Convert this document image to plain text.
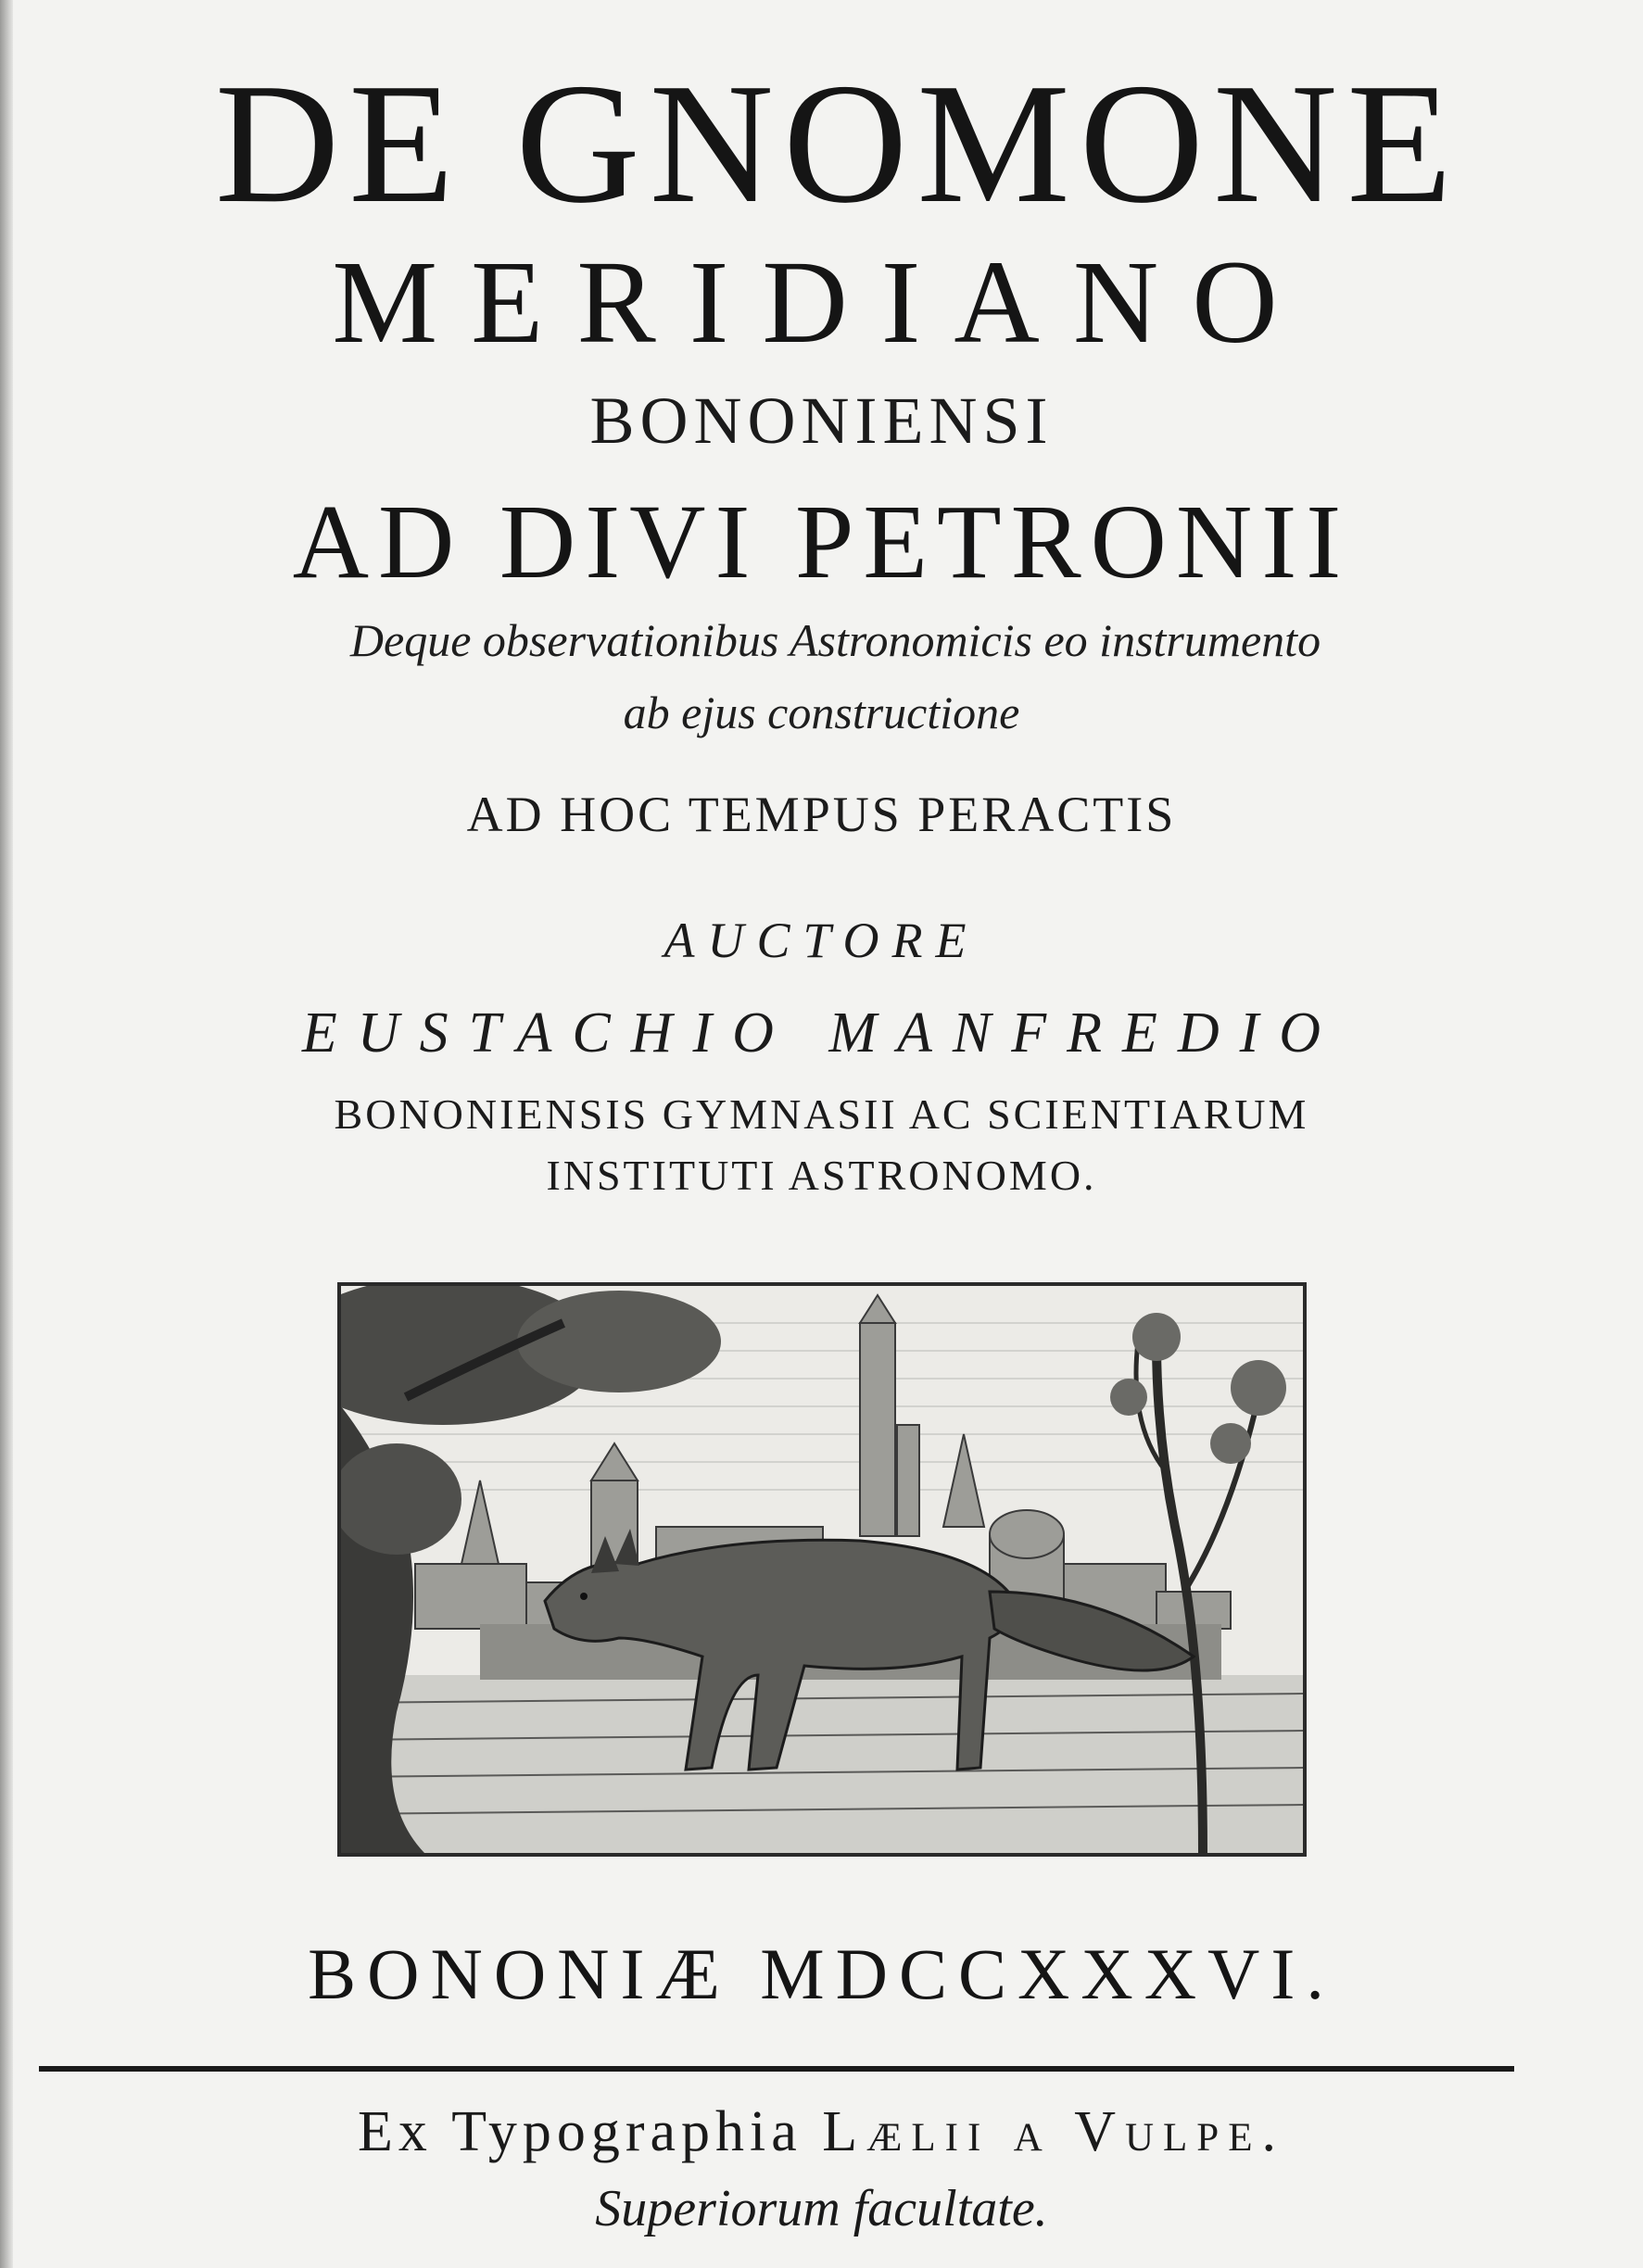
DE GNOMONE
MERIDIANO
BONONIENSI
AD DIVI PETRONII
Deque observationibus Astronomicis eo instrumento
ab ejus constructione
AD HOC TEMPUS PERACTIS
AUCTORE
EUSTACHIO MANFREDIO
BONONIENSIS GYMNASII AC SCIENTIARUM
INSTITUTI ASTRONOMO.
BONONIÆ MDCCXXXVI.
Ex Typographia Lælii a Vulpe.
Superiorum facultate.
